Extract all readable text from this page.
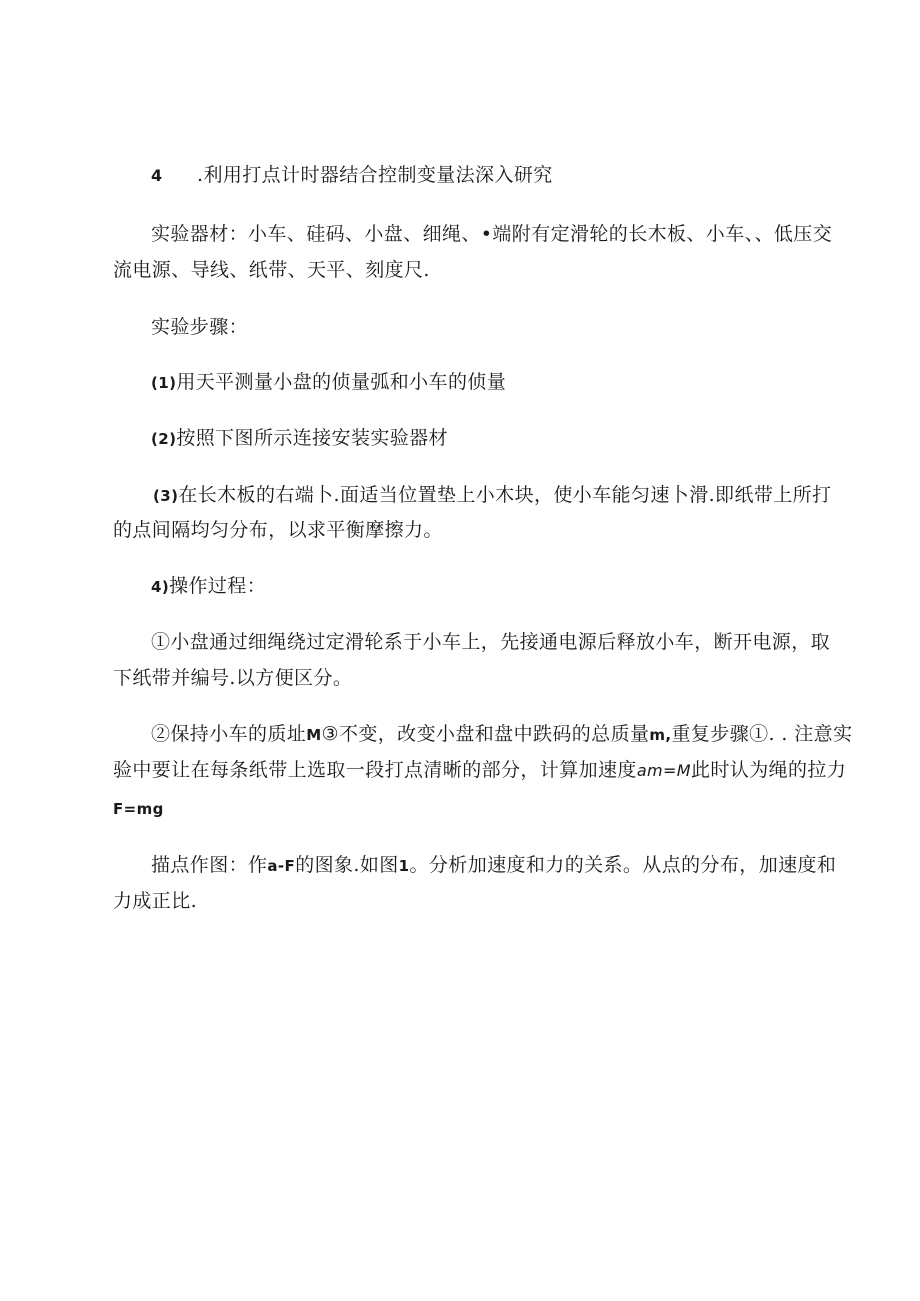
4 .利用打点计时器结合控制变量法深入研究
实验器材：小车、硅码、小盘、细绳、•端附有定滑轮的长木板、小车、、低压交
流电源、导线、纸带、天平、刻度尺.
实验步骤：
(1)用天平测量小盘的侦量弧和小车的侦量
(2)按照下图所示连接安装实验器材
(3)在长木板的右端卜.面适当位置垫上小木块，使小车能匀速卜滑.即纸带上所打
的点间隔均匀分布，以求平衡摩擦力。
4)操作过程：
①小盘通过细绳绕过定滑轮系于小车上，先接通电源后释放小车，断开电源，取
下纸带并编号.以方便区分。
②保持小车的质址M③不变，改变小盘和盘中跌码的总质量m,重复步骤①. . 注意实
验中要让在每条纸带上选取一段打点清晰的部分，计算加速度am=M此时认为绳的拉力
F=mg
描点作图：作a-F的图象.如图1。分析加速度和力的关系。从点的分布，加速度和
力成正比.
